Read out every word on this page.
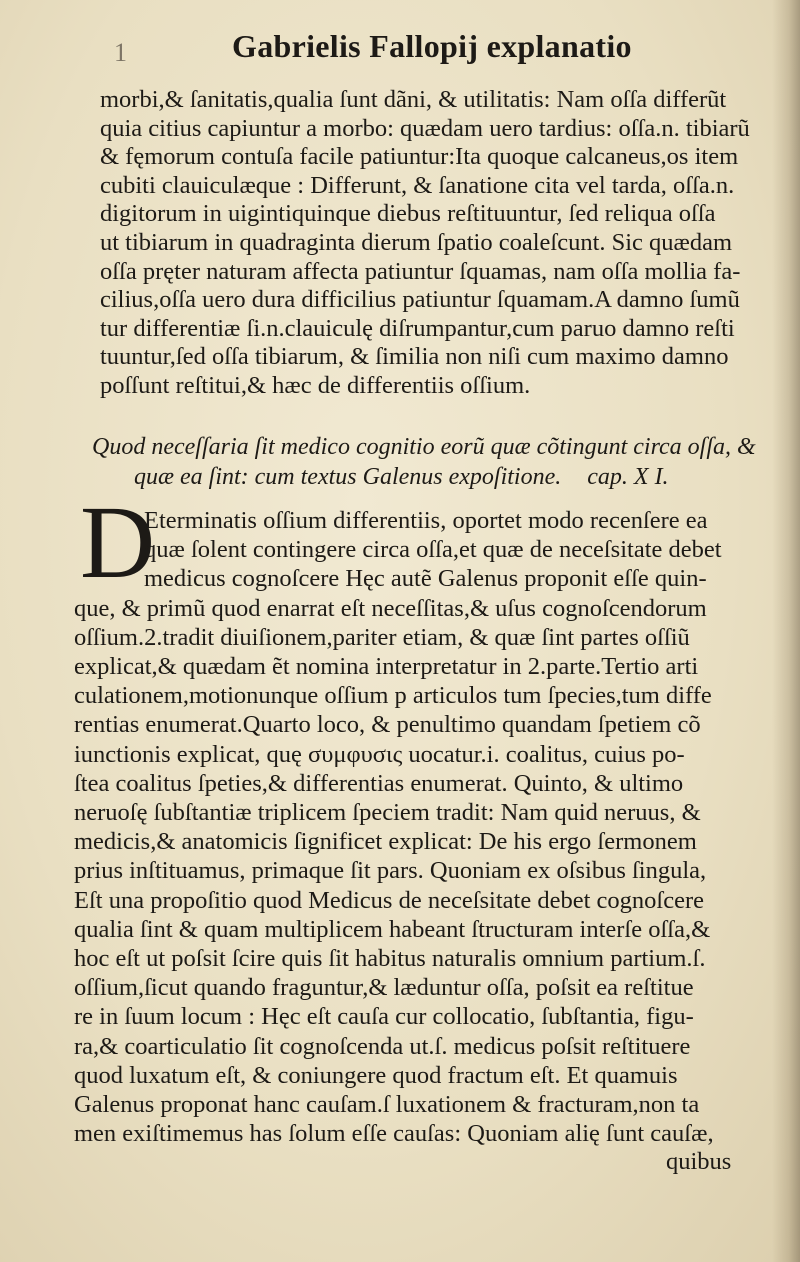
1	Gabrielis Fallopij explanatio
morbi,& ſanitatis,qualia ſunt dãni, & utilitatis: Nam oſſa differũt
quia citius capiuntur a morbo: quædam uero tardius: oſſa.n. tibiarũ
& fęmorum contuſa facile patiuntur:Ita quoque calcaneus,os item
cubiti clauiculæque : Differunt, & ſanatione cita vel tarda, oſſa.n.
digitorum in uigintiquinque diebus reſtituuntur, ſed reliqua oſſa
ut tibiarum in quadraginta dierum ſpatio coaleſcunt. Sic quædam
oſſa pręter naturam affecta patiuntur ſquamas, nam oſſa mollia fa-
cilius,oſſa uero dura difficilius patiuntur ſquamam.A damno ſumũ
tur differentiæ ſi.n.clauiculę diſrumpantur,cum paruo damno reſti
tuuntur,ſed oſſa tibiarum, & ſimilia non niſi cum maximo damno
poſſunt reſtitui,& hæc de differentiis oſſium.
Quod neceſſaria ſit medico cognitio eorũ quæ cõtingunt circa oſſa, &
quæ ea ſint: cum textus Galenus expoſitione. cap. X I.
D
Eterminatis oſſium differentiis, oportet modo recenſere ea
quæ ſolent contingere circa oſſa,et quæ de neceſsitate debet
medicus cognoſcere Hęc autẽ Galenus proponit eſſe quin-
que, & primũ quod enarrat eſt neceſſitas,& uſus cognoſcendorum
oſſium.2.tradit diuiſionem,pariter etiam, & quæ ſint partes oſſiũ
explicat,& quædam ẽt nomina interpretatur in 2.parte.Tertio arti
culationem,motionunque oſſium p articulos tum ſpecies,tum diffe
rentias enumerat.Quarto loco, & penultimo quandam ſpetiem cõ
iunctionis explicat, quę συμφυσις uocatur.i. coalitus, cuius po-
ſtea coalitus ſpeties,& differentias enumerat. Quinto, & ultimo
neruoſę ſubſtantiæ triplicem ſpeciem tradit: Nam quid neruus, &
medicis,& anatomicis ſignificet explicat: De his ergo ſermonem
prius inſtituamus, primaque ſit pars. Quoniam ex oſsibus ſingula,
Eſt una propoſitio quod Medicus de neceſsitate debet cognoſcere
qualia ſint & quam multiplicem habeant ſtructuram interſe oſſa,&
hoc eſt ut poſsit ſcire quis ſit habitus naturalis omnium partium.ſ.
oſſium,ſicut quando fraguntur,& læduntur oſſa, poſsit ea reſtitue
re in ſuum locum : Hęc eſt cauſa cur collocatio, ſubſtantia, figu-
ra,& coarticulatio ſit cognoſcenda ut.ſ. medicus poſsit reſtituere
quod luxatum eſt, & coniungere quod fractum eſt. Et quamuis
Galenus proponat hanc cauſam.ſ luxationem & fracturam,non ta
men exiſtimemus has ſolum eſſe cauſas: Quoniam alię ſunt cauſæ,
quibus
